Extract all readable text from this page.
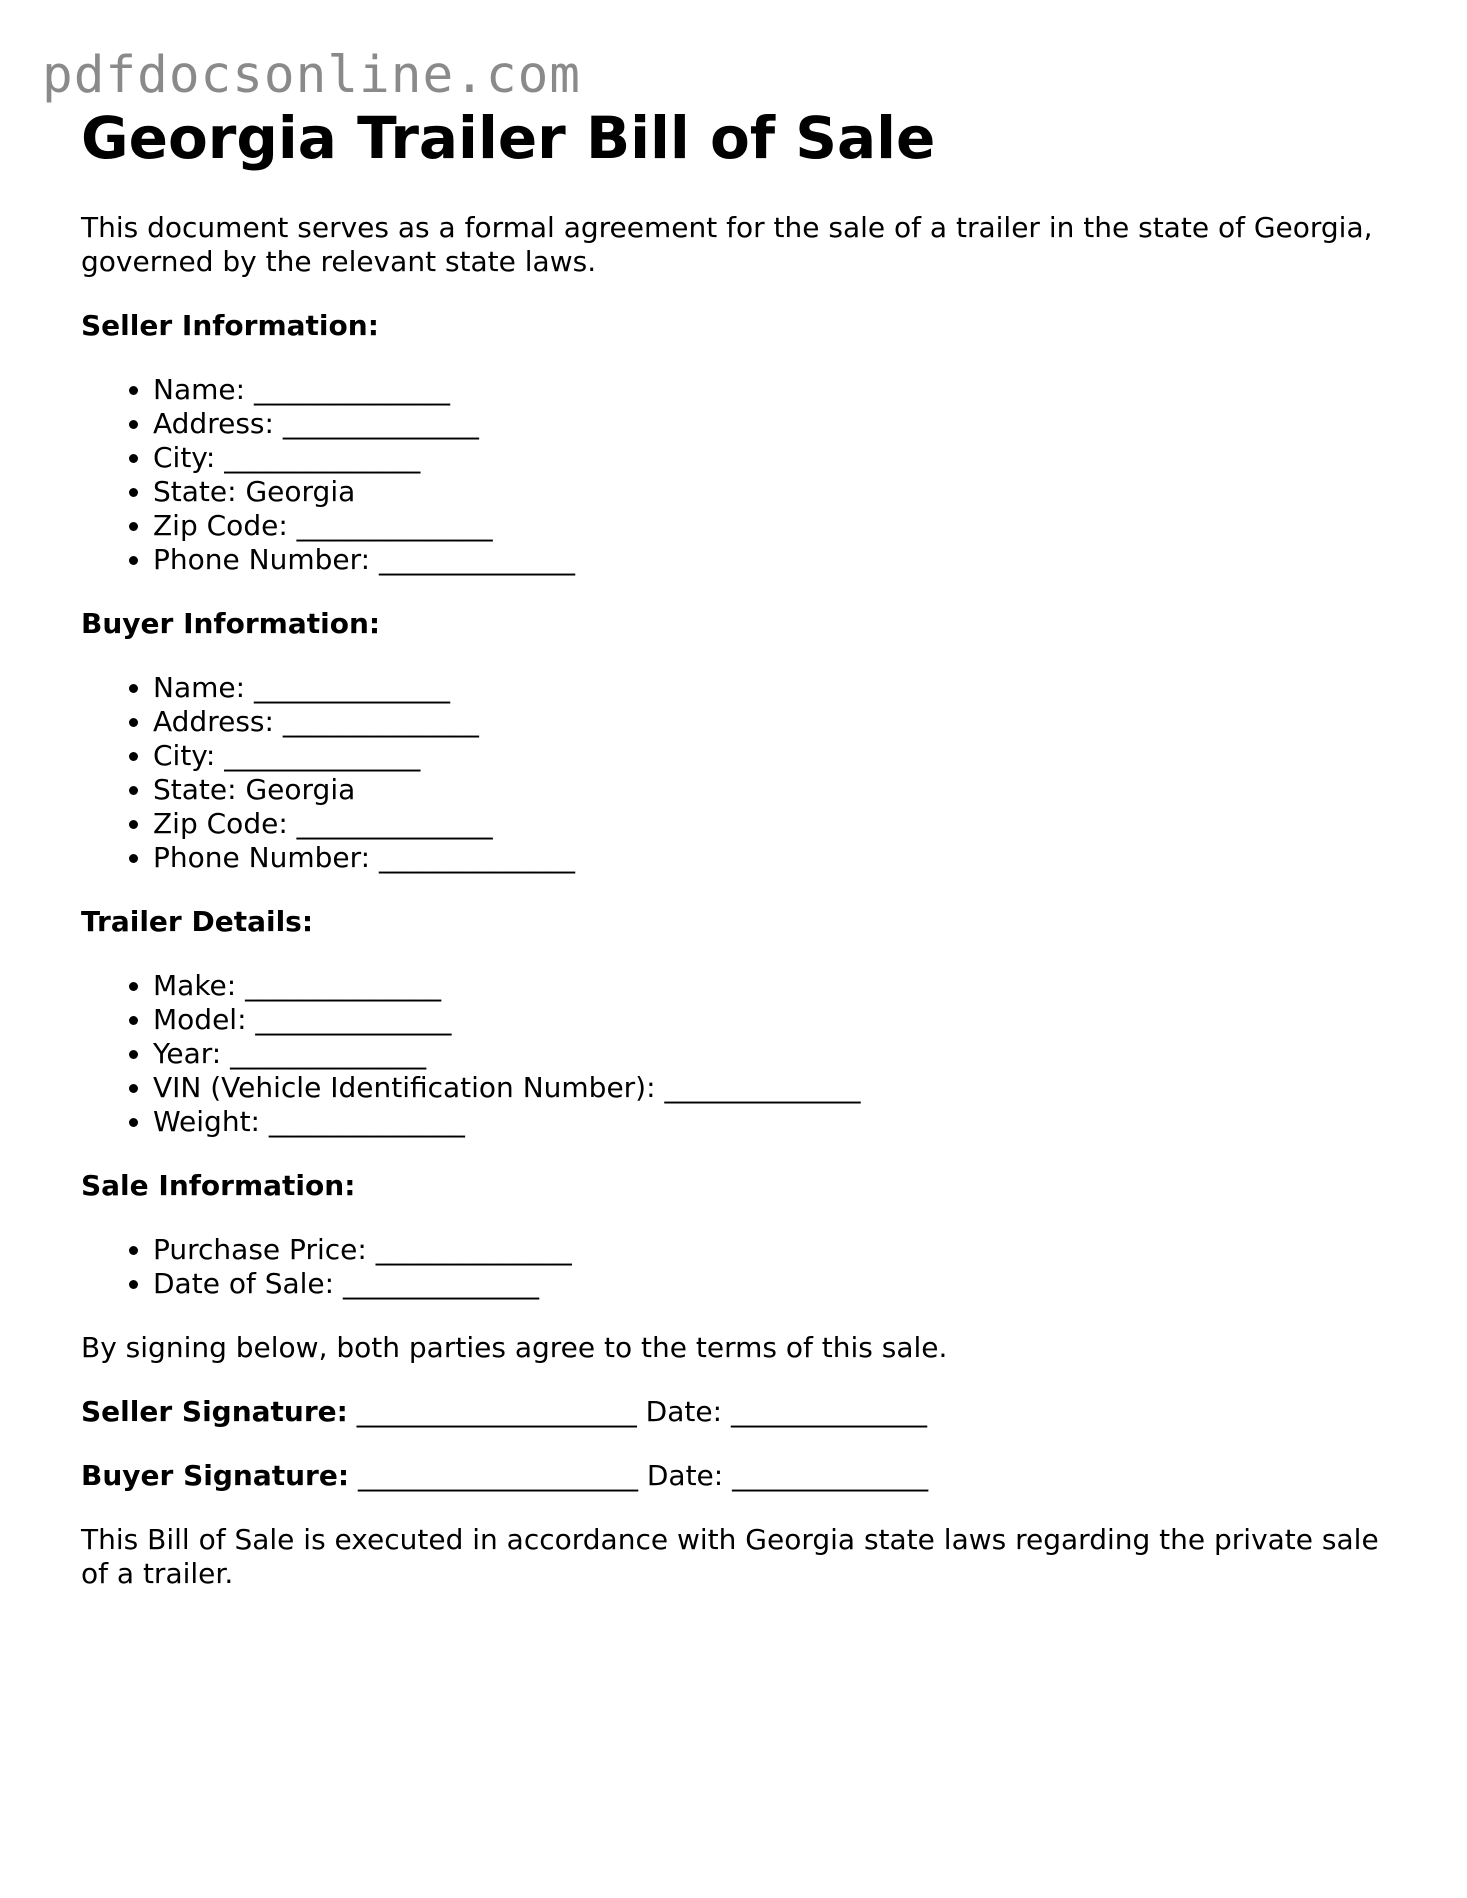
pdfdocsonline.com

Georgia Trailer Bill of Sale

This document serves as a formal agreement for the sale of a trailer in the state of Georgia, governed by the relevant state laws.

Seller Information:
• Name: ______________
• Address: ______________
• City: ______________
• State: Georgia
• Zip Code: ______________
• Phone Number: ______________
Buyer Information:
• Name: ______________
• Address: ______________
• City: ______________
• State: Georgia
• Zip Code: ______________
• Phone Number: ______________
Trailer Details:
• Make: ______________
• Model: ______________
• Year: ______________
• VIN (Vehicle Identification Number): ______________
• Weight: ______________
Sale Information:
• Purchase Price: ______________
• Date of Sale: ______________

By signing below, both parties agree to the terms of this sale.

Seller Signature: ____________________ Date: ______________

Buyer Signature: ____________________ Date: ______________

This Bill of Sale is executed in accordance with Georgia state laws regarding the private sale of a trailer.
